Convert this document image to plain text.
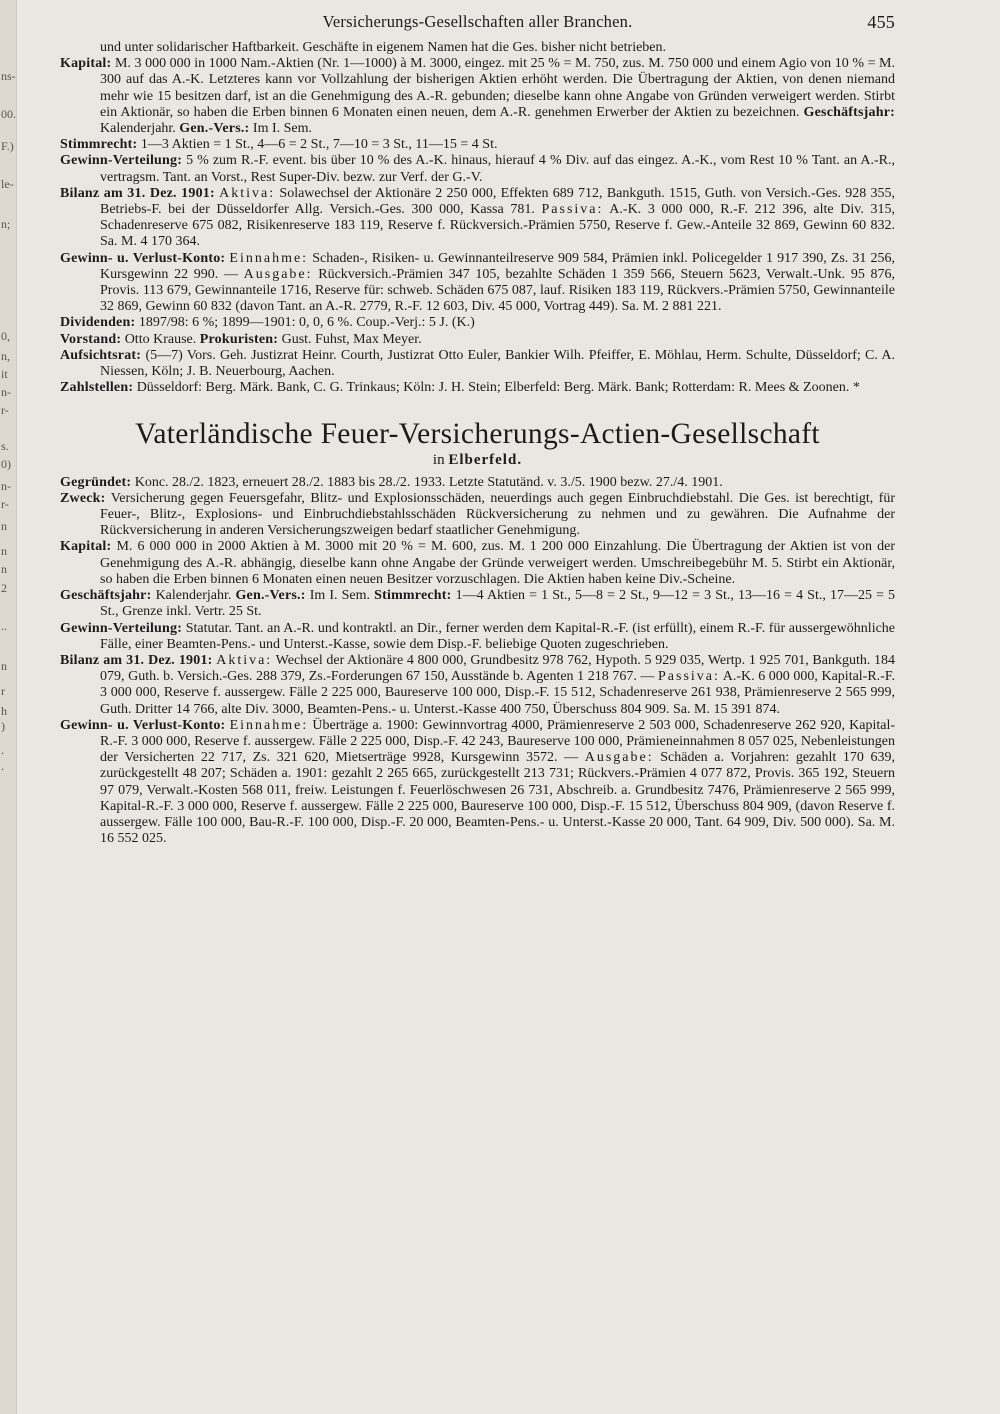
ns-
00.
F.)
le-
n;
0,
n,
it
n-
r-
s.
0)
n-
r-
n
n
n
2
..
n
r
h
)
.
.
Versicherungs-Gesellschaften aller Branchen.	455

und unter solidarischer Haftbarkeit. Geschäfte in eigenem Namen hat die Ges. bisher nicht betrieben.

Kapital: M. 3 000 000 in 1000 Nam.-Aktien (Nr. 1—1000) à M. 3000, eingez. mit 25 % = M. 750, zus. M. 750 000 und einem Agio von 10 % = M. 300 auf das A.-K. Letzteres kann vor Vollzahlung der bisherigen Aktien erhöht werden. Die Übertragung der Aktien, von denen niemand mehr wie 15 besitzen darf, ist an die Genehmigung des A.-R. gebunden; dieselbe kann ohne Angabe von Gründen verweigert werden. Stirbt ein Aktionär, so haben die Erben binnen 6 Monaten einen neuen, dem A.-R. genehmen Erwerber der Aktien zu bezeichnen. Geschäftsjahr: Kalenderjahr. Gen.-Vers.: Im I. Sem.

Stimmrecht: 1—3 Aktien = 1 St., 4—6 = 2 St., 7—10 = 3 St., 11—15 = 4 St.

Gewinn-Verteilung: 5 % zum R.-F. event. bis über 10 % des A.-K. hinaus, hierauf 4 % Div. auf das eingez. A.-K., vom Rest 10 % Tant. an A.-R., vertragsm. Tant. an Vorst., Rest Super-Div. bezw. zur Verf. der G.-V.

Bilanz am 31. Dez. 1901: Aktiva: Solawechsel der Aktionäre 2 250 000, Effekten 689 712, Bankguth. 1515, Guth. von Versich.-Ges. 928 355, Betriebs-F. bei der Düsseldorfer Allg. Versich.-Ges. 300 000, Kassa 781. Passiva: A.-K. 3 000 000, R.-F. 212 396, alte Div. 315, Schadenreserve 675 082, Risikenreserve 183 119, Reserve f. Rückversich.-Prämien 5750, Reserve f. Gew.-Anteile 32 869, Gewinn 60 832. Sa. M. 4 170 364.

Gewinn- u. Verlust-Konto: Einnahme: Schaden-, Risiken- u. Gewinnanteilreserve 909 584, Prämien inkl. Policegelder 1 917 390, Zs. 31 256, Kursgewinn 22 990. — Ausgabe: Rückversich.-Prämien 347 105, bezahlte Schäden 1 359 566, Steuern 5623, Verwalt.-Unk. 95 876, Provis. 113 679, Gewinnanteile 1716, Reserve für: schweb. Schäden 675 087, lauf. Risiken 183 119, Rückvers.-Prämien 5750, Gewinnanteile 32 869, Gewinn 60 832 (davon Tant. an A.-R. 2779, R.-F. 12 603, Div. 45 000, Vortrag 449). Sa. M. 2 881 221.

Dividenden: 1897/98: 6 %; 1899—1901: 0, 0, 6 %. Coup.-Verj.: 5 J. (K.)

Vorstand: Otto Krause. Prokuristen: Gust. Fuhst, Max Meyer.

Aufsichtsrat: (5—7) Vors. Geh. Justizrat Heinr. Courth, Justizrat Otto Euler, Bankier Wilh. Pfeiffer, E. Möhlau, Herm. Schulte, Düsseldorf; C. A. Niessen, Köln; J. B. Neuerbourg, Aachen.

Zahlstellen: Düsseldorf: Berg. Märk. Bank, C. G. Trinkaus; Köln: J. H. Stein; Elberfeld: Berg. Märk. Bank; Rotterdam: R. Mees & Zoonen. *

Vaterländische Feuer-Versicherungs-Actien-Gesellschaft
in Elberfeld.

Gegründet: Konc. 28./2. 1823, erneuert 28./2. 1883 bis 28./2. 1933. Letzte Statutänd. v. 3./5. 1900 bezw. 27./4. 1901.

Zweck: Versicherung gegen Feuersgefahr, Blitz- und Explosionsschäden, neuerdings auch gegen Einbruchdiebstahl. Die Ges. ist berechtigt, für Feuer-, Blitz-, Explosions- und Einbruchdiebstahlsschäden Rückversicherung zu nehmen und zu gewähren. Die Aufnahme der Rückversicherung in anderen Versicherungszweigen bedarf staatlicher Genehmigung.

Kapital: M. 6 000 000 in 2000 Aktien à M. 3000 mit 20 % = M. 600, zus. M. 1 200 000 Einzahlung. Die Übertragung der Aktien ist von der Genehmigung des A.-R. abhängig, dieselbe kann ohne Angabe der Gründe verweigert werden. Umschreibegebühr M. 5. Stirbt ein Aktionär, so haben die Erben binnen 6 Monaten einen neuen Besitzer vorzuschlagen. Die Aktien haben keine Div.-Scheine.

Geschäftsjahr: Kalenderjahr. Gen.-Vers.: Im I. Sem. Stimmrecht: 1—4 Aktien = 1 St., 5—8 = 2 St., 9—12 = 3 St., 13—16 = 4 St., 17—25 = 5 St., Grenze inkl. Vertr. 25 St.

Gewinn-Verteilung: Statutar. Tant. an A.-R. und kontraktl. an Dir., ferner werden dem Kapital-R.-F. (ist erfüllt), einem R.-F. für aussergewöhnliche Fälle, einer Beamten-Pens.- und Unterst.-Kasse, sowie dem Disp.-F. beliebige Quoten zugeschrieben.

Bilanz am 31. Dez. 1901: Aktiva: Wechsel der Aktionäre 4 800 000, Grundbesitz 978 762, Hypoth. 5 929 035, Wertp. 1 925 701, Bankguth. 184 079, Guth. b. Versich.-Ges. 288 379, Zs.-Forderungen 67 150, Ausstände b. Agenten 1 218 767. — Passiva: A.-K. 6 000 000, Kapital-R.-F. 3 000 000, Reserve f. aussergew. Fälle 2 225 000, Baureserve 100 000, Disp.-F. 15 512, Schadenreserve 261 938, Prämienreserve 2 565 999, Guth. Dritter 14 766, alte Div. 3000, Beamten-Pens.- u. Unterst.-Kasse 400 750, Überschuss 804 909. Sa. M. 15 391 874.

Gewinn- u. Verlust-Konto: Einnahme: Überträge a. 1900: Gewinnvortrag 4000, Prämienreserve 2 503 000, Schadenreserve 262 920, Kapital-R.-F. 3 000 000, Reserve f. aussergew. Fälle 2 225 000, Disp.-F. 42 243, Baureserve 100 000, Prämieneinnahmen 8 057 025, Nebenleistungen der Versicherten 22 717, Zs. 321 620, Mietserträge 9928, Kursgewinn 3572. — Ausgabe: Schäden a. Vorjahren: gezahlt 170 639, zurückgestellt 48 207; Schäden a. 1901: gezahlt 2 265 665, zurückgestellt 213 731; Rückvers.-Prämien 4 077 872, Provis. 365 192, Steuern 97 079, Verwalt.-Kosten 568 011, freiw. Leistungen f. Feuerlöschwesen 26 731, Abschreib. a. Grundbesitz 7476, Prämienreserve 2 565 999, Kapital-R.-F. 3 000 000, Reserve f. aussergew. Fälle 2 225 000, Baureserve 100 000, Disp.-F. 15 512, Überschuss 804 909, (davon Reserve f. aussergew. Fälle 100 000, Bau-R.-F. 100 000, Disp.-F. 20 000, Beamten-Pens.- u. Unterst.-Kasse 20 000, Tant. 64 909, Div. 500 000). Sa. M. 16 552 025.
